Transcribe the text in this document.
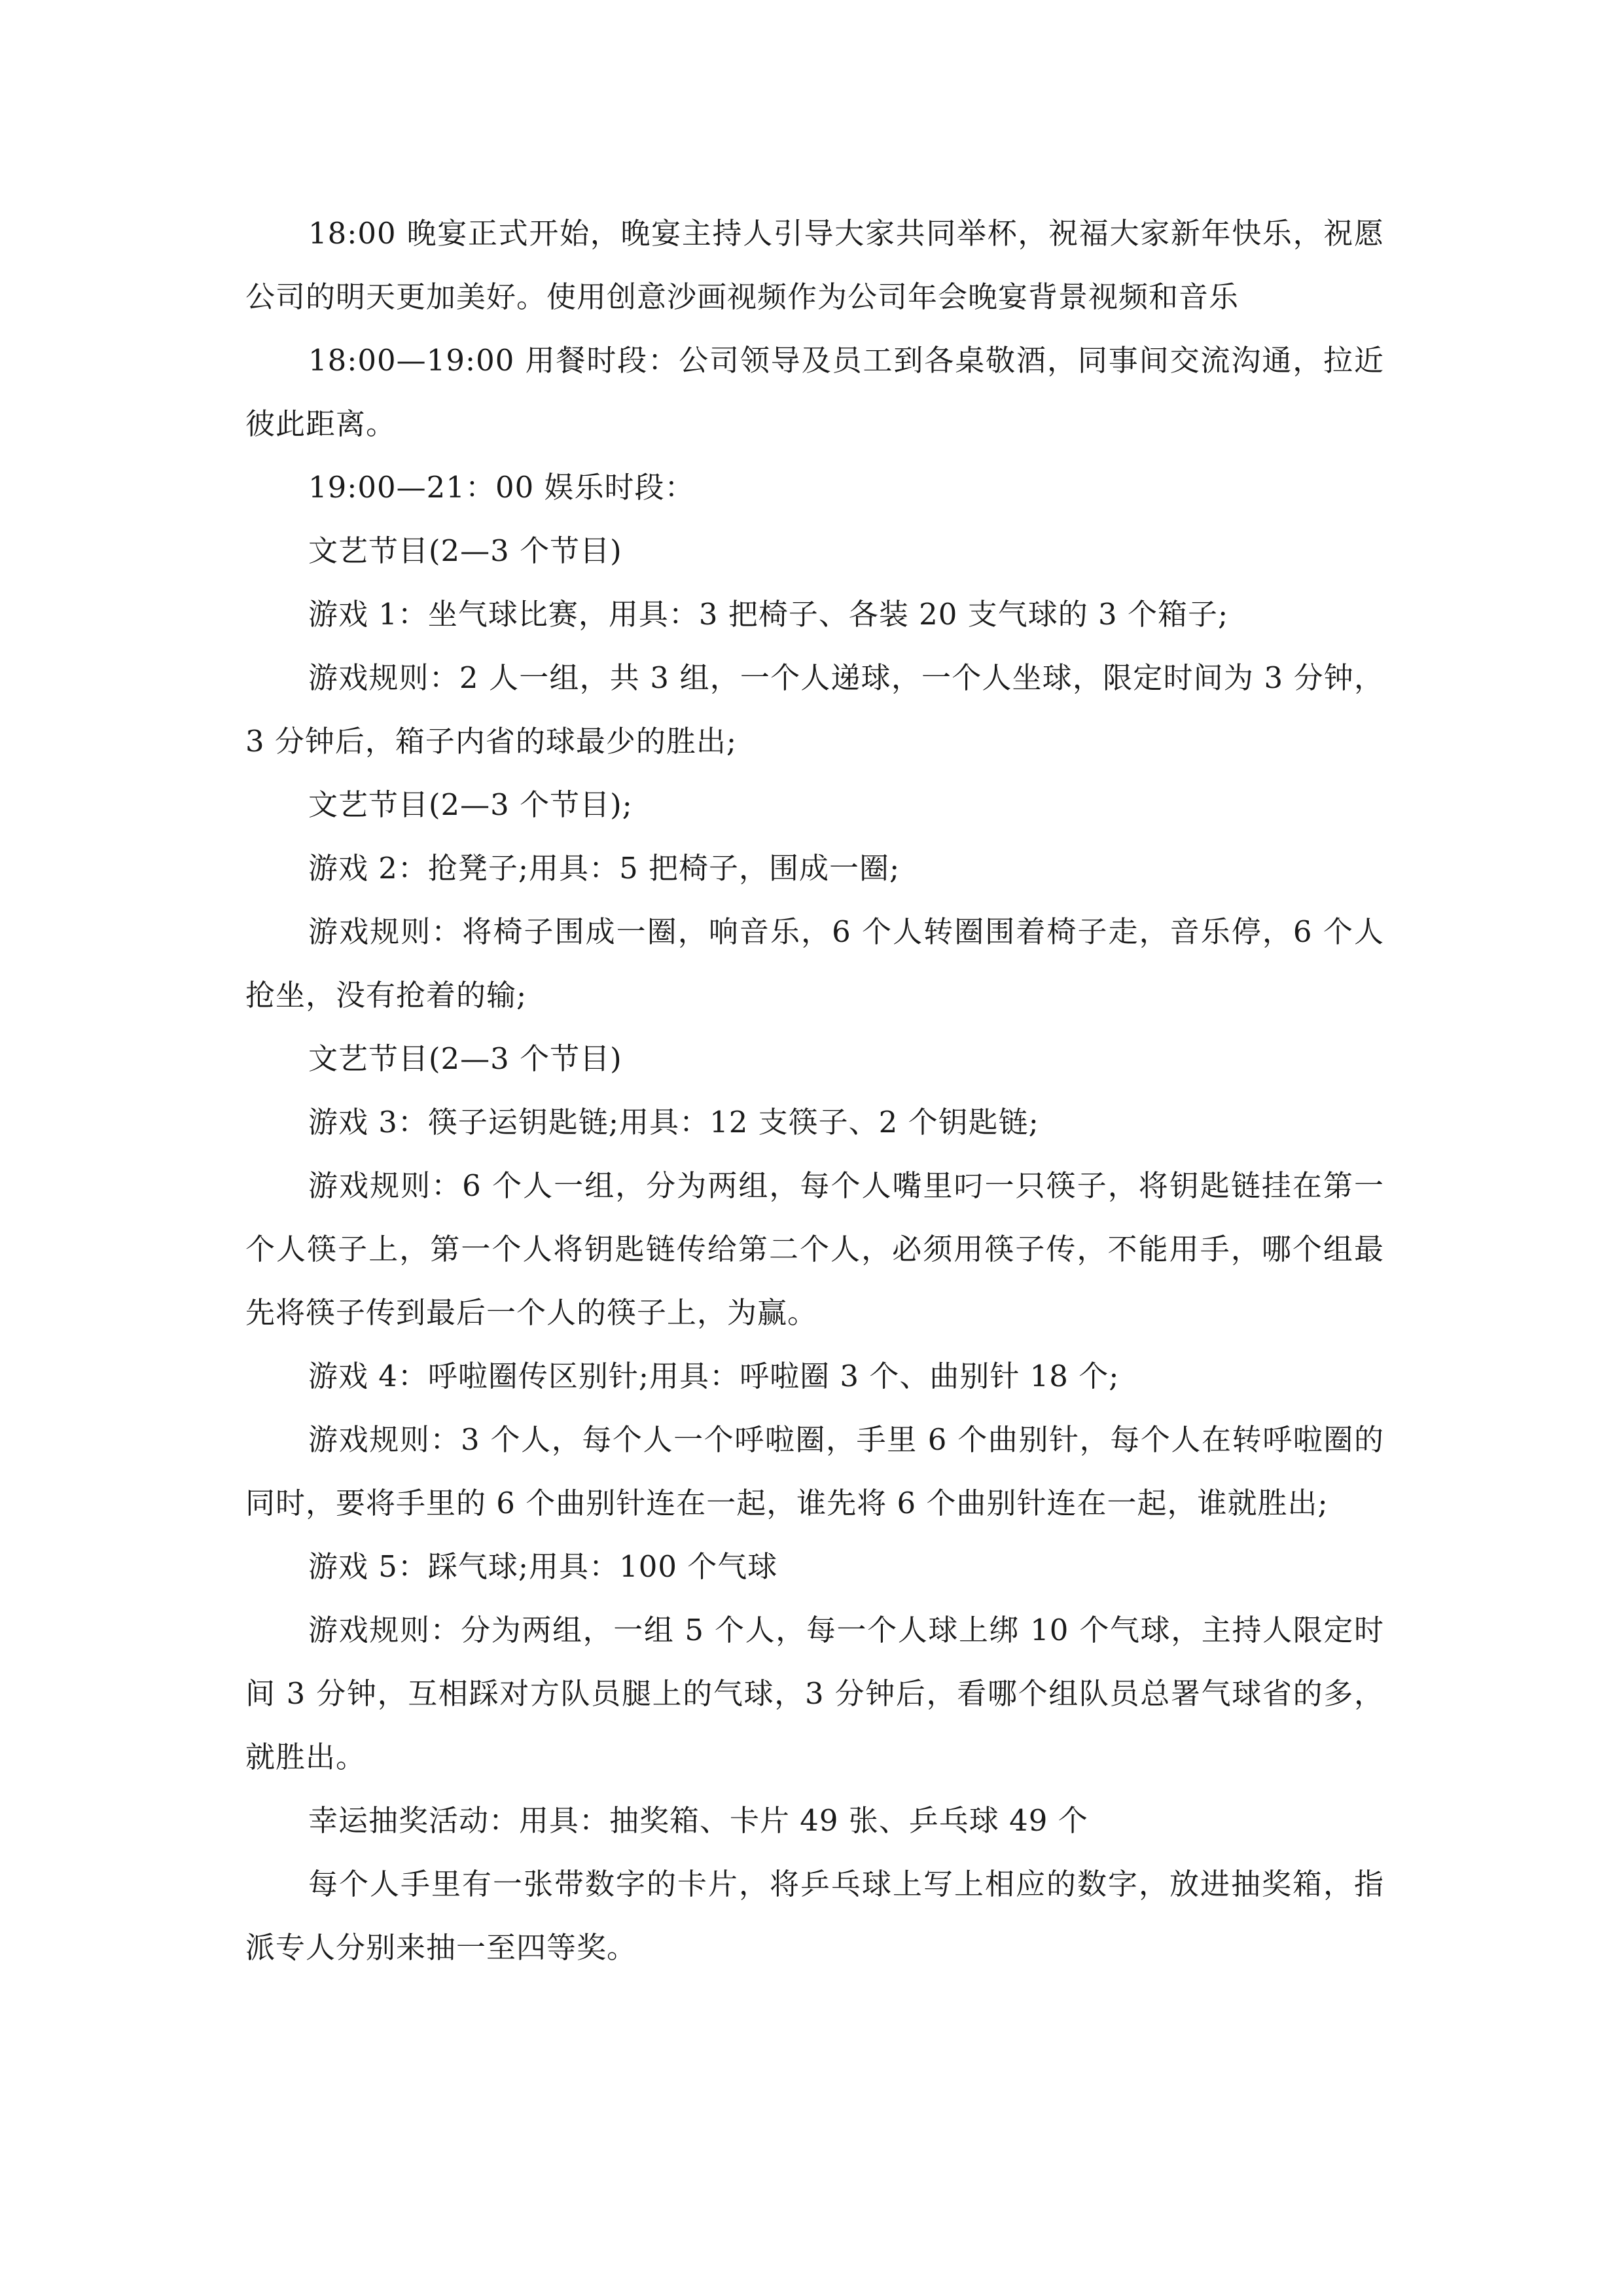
18:00 晚宴正式开始，晚宴主持人引导大家共同举杯，祝福大家新年快乐，祝愿公司的明天更加美好。使用创意沙画视频作为公司年会晚宴背景视频和音乐

18:00—19:00 用餐时段：公司领导及员工到各桌敬酒，同事间交流沟通，拉近彼此距离。

19:00—21：00 娱乐时段：

文艺节目(2—3 个节目)

游戏 1：坐气球比赛，用具：3 把椅子、各装 20 支气球的 3 个箱子;

游戏规则：2 人一组，共 3 组，一个人递球，一个人坐球，限定时间为 3 分钟，3 分钟后，箱子内省的球最少的胜出;

文艺节目(2—3 个节目);

游戏 2：抢凳子;用具：5 把椅子，围成一圈;

游戏规则：将椅子围成一圈，响音乐，6 个人转圈围着椅子走，音乐停，6 个人抢坐，没有抢着的输;

文艺节目(2—3 个节目)

游戏 3：筷子运钥匙链;用具：12 支筷子、2 个钥匙链;

游戏规则：6 个人一组，分为两组，每个人嘴里叼一只筷子，将钥匙链挂在第一个人筷子上，第一个人将钥匙链传给第二个人，必须用筷子传，不能用手，哪个组最先将筷子传到最后一个人的筷子上，为赢。

游戏 4：呼啦圈传区别针;用具：呼啦圈 3 个、曲别针 18 个;

游戏规则：3 个人，每个人一个呼啦圈，手里 6 个曲别针，每个人在转呼啦圈的同时，要将手里的 6 个曲别针连在一起，谁先将 6 个曲别针连在一起，谁就胜出;

游戏 5：踩气球;用具：100 个气球

游戏规则：分为两组，一组 5 个人，每一个人球上绑 10 个气球，主持人限定时间 3 分钟，互相踩对方队员腿上的气球，3 分钟后，看哪个组队员总署气球省的多，就胜出。

幸运抽奖活动：用具：抽奖箱、卡片 49 张、乒乓球 49 个

每个人手里有一张带数字的卡片，将乒乓球上写上相应的数字，放进抽奖箱，指派专人分别来抽一至四等奖。
